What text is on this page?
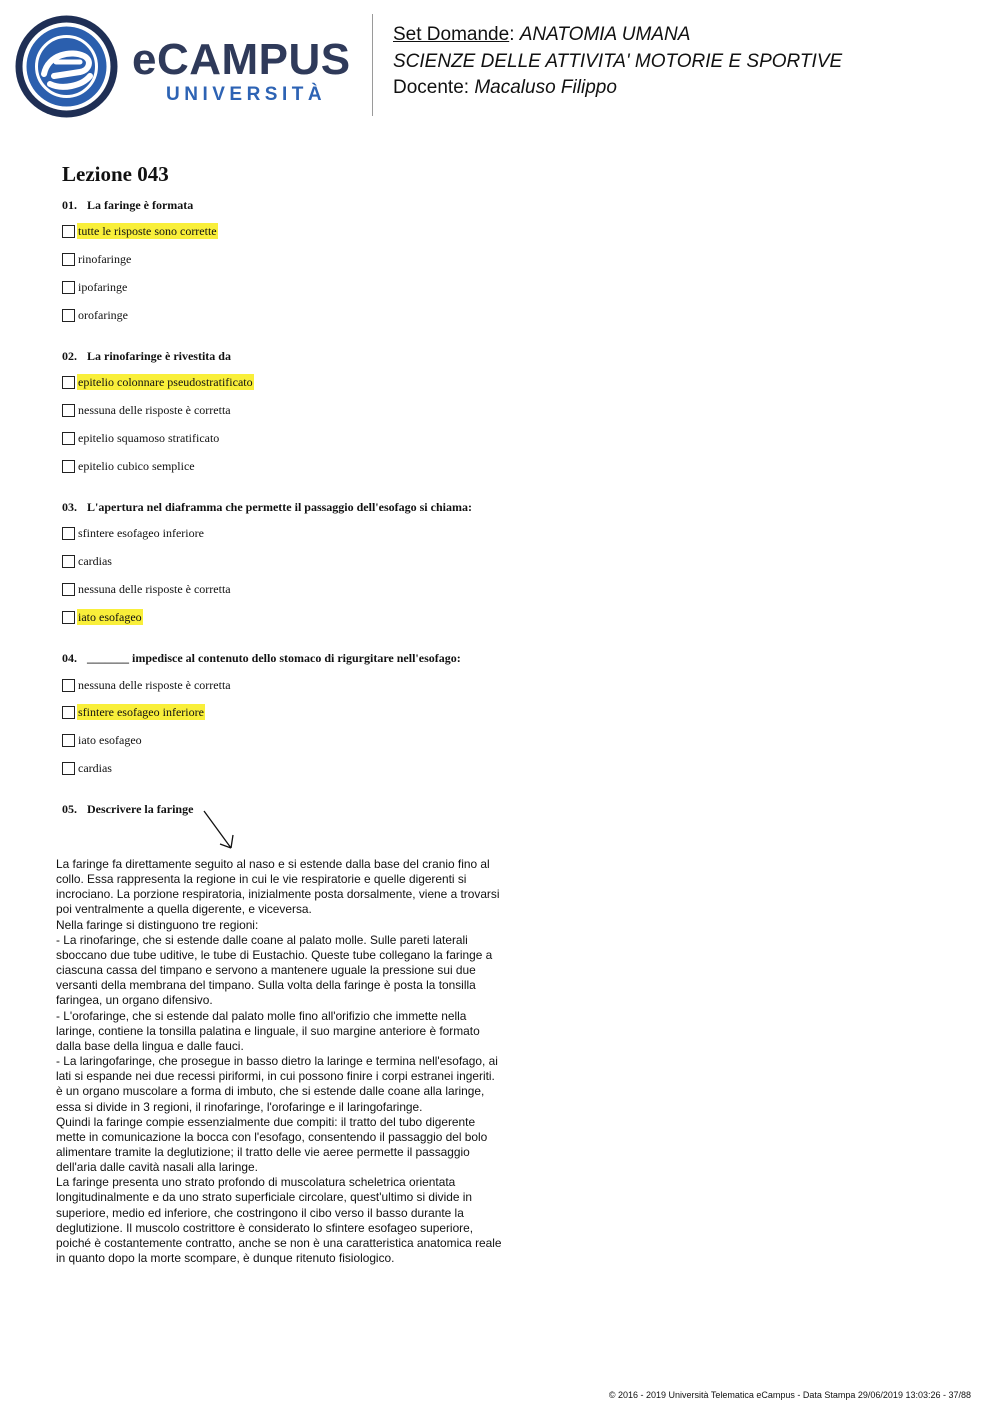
eCAMPUS
UNIVERSITÀ
Set Domande: ANATOMIA UMANA
SCIENZE DELLE ATTIVITA' MOTORIE E SPORTIVE
Docente: Macaluso Filippo
Lezione 043
01. La faringe è formata
tutte le risposte sono corrette
rinofaringe
ipofaringe
orofaringe
02. La rinofaringe è rivestita da
epitelio colonnare pseudostratificato
nessuna delle risposte è corretta
epitelio squamoso stratificato
epitelio cubico semplice
03. L'apertura nel diaframma che permette il passaggio dell'esofago si chiama:
sfintere esofageo inferiore
cardias
nessuna delle risposte è corretta
iato esofageo
04. _______ impedisce al contenuto dello stomaco di rigurgitare nell'esofago:
nessuna delle risposte è corretta
sfintere esofageo inferiore
iato esofageo
cardias
05. Descrivere la faringe

La faringe fa direttamente seguito al naso e si estende dalla base del cranio fino al

collo. Essa rappresenta la regione in cui le vie respiratorie e quelle digerenti si

incrociano. La porzione respiratoria, inizialmente posta dorsalmente, viene a trovarsi

poi ventralmente a quella digerente, e viceversa.

Nella faringe si distinguono tre regioni:

- La rinofaringe, che si estende dalle coane al palato molle. Sulle pareti laterali

sboccano due tube uditive, le tube di Eustachio. Queste tube collegano la faringe a

ciascuna cassa del timpano e servono a mantenere uguale la pressione sui due

versanti della membrana del timpano. Sulla volta della faringe è posta la tonsilla

faringea, un organo difensivo.

- L'orofaringe, che si estende dal palato molle fino all'orifizio che immette nella

laringe, contiene la tonsilla palatina e linguale, il suo margine anteriore è formato

dalla base della lingua e dalle fauci.

- La laringofaringe, che prosegue in basso dietro la laringe e termina nell'esofago, ai

lati si espande nei due recessi piriformi, in cui possono finire i corpi estranei ingeriti.

è un organo muscolare a forma di imbuto, che si estende dalle coane alla laringe,

essa si divide in 3 regioni, il rinofaringe, l'orofaringe e il laringofaringe.

Quindi la faringe compie essenzialmente due compiti: il tratto del tubo digerente

mette in comunicazione la bocca con l'esofago, consentendo il passaggio del bolo

alimentare tramite la deglutizione; il tratto delle vie aeree permette il passaggio

dell'aria dalle cavità nasali alla laringe.

La faringe presenta uno strato profondo di muscolatura scheletrica orientata

longitudinalmente e da uno strato superficiale circolare, quest'ultimo si divide in

superiore, medio ed inferiore, che costringono il cibo verso il basso durante la

deglutizione. Il muscolo costrittore è considerato lo sfintere esofageo superiore,

poiché è costantemente contratto, anche se non è una caratteristica anatomica reale

in quanto dopo la morte scompare, è dunque ritenuto fisiologico.

© 2016 - 2019 Università Telematica eCampus - Data Stampa 29/06/2019 13:03:26 - 37/88
